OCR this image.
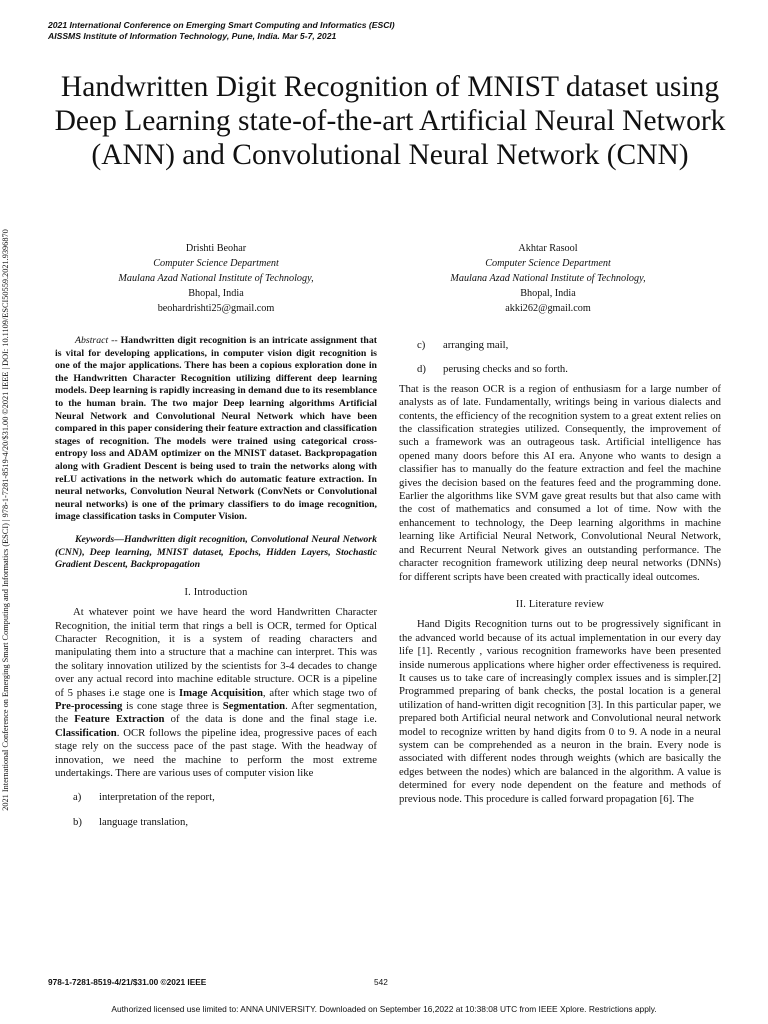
2021 International Conference on Emerging Smart Computing and Informatics (ESCI)
AISSMS Institute of Information Technology, Pune, India. Mar 5-7, 2021
Handwritten Digit Recognition of MNIST dataset using Deep Learning state-of-the-art Artificial Neural Network (ANN) and Convolutional Neural Network (CNN)
Drishti Beohar
Computer Science Department
Maulana Azad National Institute of Technology,
Bhopal, India
beohardrishti25@gmail.com
Akhtar Rasool
Computer Science Department
Maulana Azad National Institute of Technology,
Bhopal, India
akki262@gmail.com
2021 International Conference on Emerging Smart Computing and Informatics (ESCI) | 978-1-7281-8519-4/20/$31.00 ©2021 IEEE | DOI: 10.1109/ESCI50559.2021.9396870	Abstract -- Handwritten digit recognition is an intricate assignment that is vital for developing applications, in computer vision digit recognition is one of the major applications. There has been a copious exploration done in the Handwritten Character Recognition utilizing different deep learning models. Deep learning is rapidly increasing in demand due to its resemblance to the human brain. The two major Deep learning algorithms Artificial Neural Network and Convolutional Neural Network which have been compared in this paper considering their feature extraction and classification stages of recognition. The models were trained using categorical cross-entropy loss and ADAM optimizer on the MNIST dataset. Backpropagation along with Gradient Descent is being used to train the networks along with reLU activations in the network which do automatic feature extraction. In neural networks, Convolution Neural Network (ConvNets or Convolutional neural networks) is one of the primary classifiers to do image recognition, image classification tasks in Computer Vision.

Keywords—Handwritten digit recognition, Convolutional Neural Network (CNN), Deep learning, MNIST dataset, Epochs, Hidden Layers, Stochastic Gradient Descent, Backpropagation

I. Introduction

At whatever point we have heard the word Handwritten Character Recognition, the initial term that rings a bell is OCR, termed for Optical Character Recognition, it is a system of reading characters and manipulating them into a structure that a machine can interpret. This was the solitary innovation utilized by the scientists for 3-4 decades to change over any actual record into machine editable structure. OCR is a pipeline of 5 phases i.e stage one is Image Acquisition, after which stage two of Pre-processing is cone stage three is Segmentation. After segmentation, the Feature Extraction of the data is done and the final stage i.e. Classification. OCR follows the pipeline idea, progressive paces of each stage rely on the success pace of the past stage. With the headway of innovation, we need the machine to perform the most extreme undertakings. There are various uses of computer vision like

a) interpretation of the report,

b) language translation,

c) arranging mail,

d) perusing checks and so forth.

That is the reason OCR is a region of enthusiasm for a large number of analysts as of late. Fundamentally, writings being in various dialects and contents, the efficiency of the recognition system to a great extent relies on the classification strategies utilized. Consequently, the improvement of such a framework was an outrageous task. Artificial intelligence has opened many doors before this AI era. Anyone who wants to design a classifier has to manually do the feature extraction and feel the machine gives the decision based on the features feed and the programming done. Earlier the algorithms like SVM gave great results but that also came with the cost of mathematics and consumed a lot of time. Now with the enhancement to technology, the Deep learning algorithms in machine learning like Artificial Neural Network, Convolutional Neural Network, and Recurrent Neural Network gives an outstanding performance. The character recognition framework utilizing deep neural networks (DNNs) for different scripts have been created with practically ideal outcomes.

II. Literature review

Hand Digits Recognition turns out to be progressively significant in the advanced world because of its actual implementation in our every day life [1]. Recently , various recognition frameworks have been presented inside numerous applications where higher order effectiveness is required. It causes us to take care of increasingly complex issues and is simpler.[2] Programmed preparing of bank checks, the postal location is a general utilization of hand-written digit recognition [3]. In this particular paper, we prepared both Artificial neural network and Convolutional neural network model to recognize written by hand digits from 0 to 9. A node in a neural system can be comprehended as a neuron in the brain. Every node is associated with different nodes through weights (which are basically the edges between the nodes) which are balanced in the algorithm. A value is determined for every node dependent on the feature and methods of previous node. This procedure is called forward propagation [6]. The

978-1-7281-8519-4/21/$31.00 ©2021 IEEE	542
Authorized licensed use limited to: ANNA UNIVERSITY. Downloaded on September 16,2022 at 10:38:08 UTC from IEEE Xplore. Restrictions apply.
